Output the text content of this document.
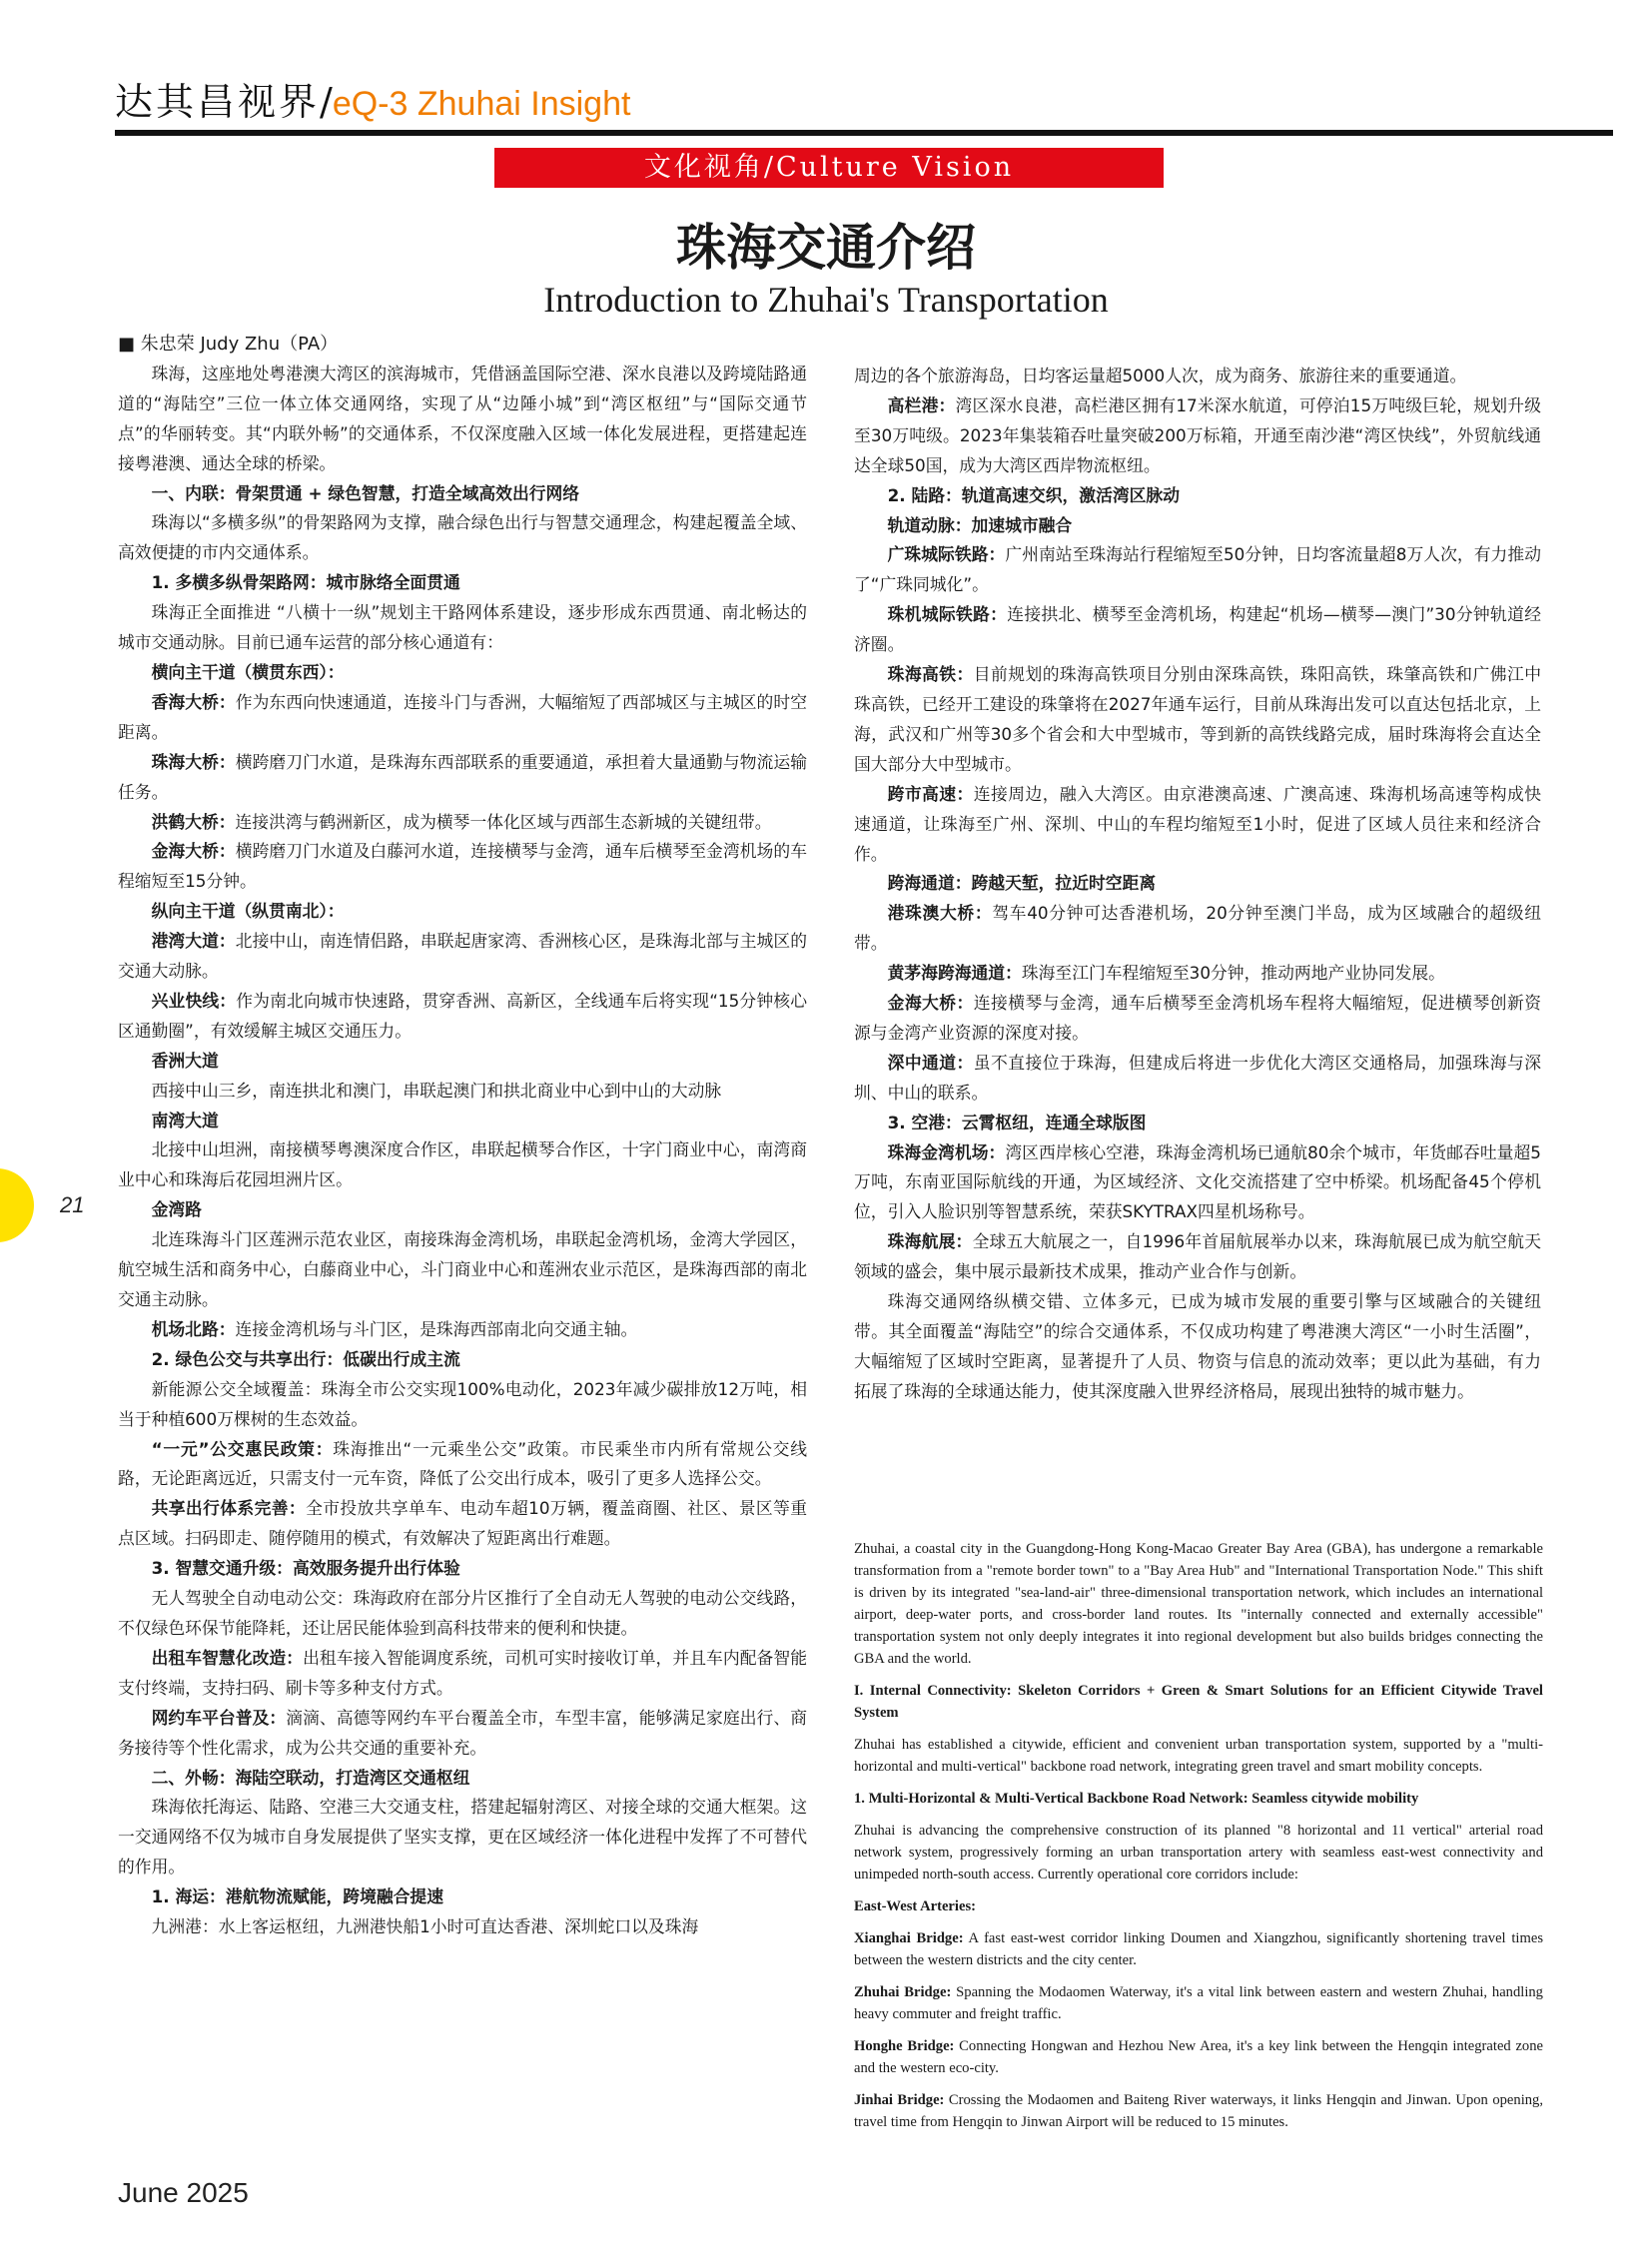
达其昌视界/eQ-3 Zhuhai Insight
文化视角/Culture Vision
珠海交通介绍
Introduction to Zhuhai's Transportation

■ 朱忠荣 Judy Zhu（PA）

珠海，这座地处粤港澳大湾区的滨海城市，凭借涵盖国际空港、深水良港以及跨境陆路通道的“海陆空”三位一体立体交通网络，实现了从“边陲小城”到“湾区枢纽”与“国际交通节点”的华丽转变。其“内联外畅”的交通体系，不仅深度融入区域一体化发展进程，更搭建起连接粤港澳、通达全球的桥梁。

一、内联：骨架贯通 + 绿色智慧，打造全域高效出行网络

珠海以“多横多纵”的骨架路网为支撑，融合绿色出行与智慧交通理念，构建起覆盖全域、高效便捷的市内交通体系。

1. 多横多纵骨架路网：城市脉络全面贯通

珠海正全面推进 “八横十一纵”规划主干路网体系建设，逐步形成东西贯通、南北畅达的城市交通动脉。目前已通车运营的部分核心通道有：

横向主干道（横贯东西）：

香海大桥：作为东西向快速通道，连接斗门与香洲，大幅缩短了西部城区与主城区的时空距离。

珠海大桥：横跨磨刀门水道，是珠海东西部联系的重要通道，承担着大量通勤与物流运输任务。

洪鹤大桥：连接洪湾与鹤洲新区，成为横琴一体化区域与西部生态新城的关键纽带。

金海大桥：横跨磨刀门水道及白藤河水道，连接横琴与金湾，通车后横琴至金湾机场的车程缩短至15分钟。

纵向主干道（纵贯南北）：

港湾大道：北接中山，南连情侣路，串联起唐家湾、香洲核心区，是珠海北部与主城区的交通大动脉。

兴业快线：作为南北向城市快速路，贯穿香洲、高新区，全线通车后将实现“15分钟核心区通勤圈”，有效缓解主城区交通压力。

香洲大道

西接中山三乡，南连拱北和澳门，串联起澳门和拱北商业中心到中山的大动脉

南湾大道

北接中山坦洲，南接横琴粤澳深度合作区，串联起横琴合作区，十字门商业中心，南湾商业中心和珠海后花园坦洲片区。

金湾路

北连珠海斗门区莲洲示范农业区，南接珠海金湾机场，串联起金湾机场，金湾大学园区，航空城生活和商务中心，白藤商业中心，斗门商业中心和莲洲农业示范区，是珠海西部的南北交通主动脉。

机场北路：连接金湾机场与斗门区，是珠海西部南北向交通主轴。

2. 绿色公交与共享出行：低碳出行成主流

新能源公交全域覆盖：珠海全市公交实现100%电动化，2023年减少碳排放12万吨，相当于种植600万棵树的生态效益。

“一元”公交惠民政策：珠海推出“一元乘坐公交”政策。市民乘坐市内所有常规公交线路，无论距离远近，只需支付一元车资，降低了公交出行成本，吸引了更多人选择公交。

共享出行体系完善：全市投放共享单车、电动车超10万辆，覆盖商圈、社区、景区等重点区域。扫码即走、随停随用的模式，有效解决了短距离出行难题。

3. 智慧交通升级：高效服务提升出行体验

无人驾驶全自动电动公交：珠海政府在部分片区推行了全自动无人驾驶的电动公交线路，不仅绿色环保节能降耗，还让居民能体验到高科技带来的便利和快捷。

出租车智慧化改造：出租车接入智能调度系统，司机可实时接收订单，并且车内配备智能支付终端，支持扫码、刷卡等多种支付方式。

网约车平台普及：滴滴、高德等网约车平台覆盖全市，车型丰富，能够满足家庭出行、商务接待等个性化需求，成为公共交通的重要补充。

二、外畅：海陆空联动，打造湾区交通枢纽

珠海依托海运、陆路、空港三大交通支柱，搭建起辐射湾区、对接全球的交通大框架。这一交通网络不仅为城市自身发展提供了坚实支撑，更在区域经济一体化进程中发挥了不可替代的作用。

1. 海运：港航物流赋能，跨境融合提速

九洲港：水上客运枢纽，九洲港快船1小时可直达香港、深圳蛇口以及珠海

周边的各个旅游海岛，日均客运量超5000人次，成为商务、旅游往来的重要通道。

高栏港：湾区深水良港，高栏港区拥有17米深水航道，可停泊15万吨级巨轮，规划升级至30万吨级。2023年集装箱吞吐量突破200万标箱，开通至南沙港“湾区快线”，外贸航线通达全球50国，成为大湾区西岸物流枢纽。

2. 陆路：轨道高速交织，激活湾区脉动

轨道动脉：加速城市融合

广珠城际铁路：广州南站至珠海站行程缩短至50分钟，日均客流量超8万人次，有力推动了“广珠同城化”。

珠机城际铁路：连接拱北、横琴至金湾机场，构建起“机场—横琴—澳门”30分钟轨道经济圈。

珠海高铁：目前规划的珠海高铁项目分别由深珠高铁，珠阳高铁，珠肇高铁和广佛江中珠高铁，已经开工建设的珠肇将在2027年通车运行，目前从珠海出发可以直达包括北京，上海，武汉和广州等30多个省会和大中型城市，等到新的高铁线路完成，届时珠海将会直达全国大部分大中型城市。

跨市高速：连接周边，融入大湾区。由京港澳高速、广澳高速、珠海机场高速等构成快速通道，让珠海至广州、深圳、中山的车程均缩短至1小时，促进了区域人员往来和经济合作。

跨海通道：跨越天堑，拉近时空距离

港珠澳大桥：驾车40分钟可达香港机场，20分钟至澳门半岛，成为区域融合的超级纽带。

黄茅海跨海通道：珠海至江门车程缩短至30分钟，推动两地产业协同发展。

金海大桥：连接横琴与金湾，通车后横琴至金湾机场车程将大幅缩短，促进横琴创新资源与金湾产业资源的深度对接。

深中通道：虽不直接位于珠海，但建成后将进一步优化大湾区交通格局，加强珠海与深圳、中山的联系。

3. 空港：云霄枢纽，连通全球版图

珠海金湾机场：湾区西岸核心空港，珠海金湾机场已通航80余个城市，年货邮吞吐量超5万吨，东南亚国际航线的开通，为区域经济、文化交流搭建了空中桥梁。机场配备45个停机位，引入人脸识别等智慧系统，荣获SKYTRAX四星机场称号。

珠海航展：全球五大航展之一，自1996年首届航展举办以来，珠海航展已成为航空航天领域的盛会，集中展示最新技术成果，推动产业合作与创新。

珠海交通网络纵横交错、立体多元，已成为城市发展的重要引擎与区域融合的关键纽带。其全面覆盖“海陆空”的综合交通体系，不仅成功构建了粤港澳大湾区“一小时生活圈”，大幅缩短了区域时空距离，显著提升了人员、物资与信息的流动效率；更以此为基础，有力拓展了珠海的全球通达能力，使其深度融入世界经济格局，展现出独特的城市魅力。

Zhuhai, a coastal city in the Guangdong-Hong Kong-Macao Greater Bay Area (GBA), has undergone a remarkable transformation from a "remote border town" to a "Bay Area Hub" and "International Transportation Node." This shift is driven by its integrated "sea-land-air" three-dimensional transportation network, which includes an international airport, deep-water ports, and cross-border land routes. Its "internally connected and externally accessible" transportation system not only deeply integrates it into regional development but also builds bridges connecting the GBA and the world.

I. Internal Connectivity: Skeleton Corridors + Green & Smart Solutions for an Efficient Citywide Travel System

Zhuhai has established a citywide, efficient and convenient urban transportation system, supported by a "multi-horizontal and multi-vertical" backbone road network, integrating green travel and smart mobility concepts.

1. Multi-Horizontal & Multi-Vertical Backbone Road Network: Seamless citywide mobility

Zhuhai is advancing the comprehensive construction of its planned "8 horizontal and 11 vertical" arterial road network system, progressively forming an urban transportation artery with seamless east-west connectivity and unimpeded north-south access. Currently operational core corridors include:

East-West Arteries:

Xianghai Bridge: A fast east-west corridor linking Doumen and Xiangzhou, significantly shortening travel times between the western districts and the city center.

Zhuhai Bridge: Spanning the Modaomen Waterway, it's a vital link between eastern and western Zhuhai, handling heavy commuter and freight traffic.

Honghe Bridge: Connecting Hongwan and Hezhou New Area, it's a key link between the Hengqin integrated zone and the western eco-city.

Jinhai Bridge: Crossing the Modaomen and Baiteng River waterways, it links Hengqin and Jinwan. Upon opening, travel time from Hengqin to Jinwan Airport will be reduced to 15 minutes.

21
June 2025
